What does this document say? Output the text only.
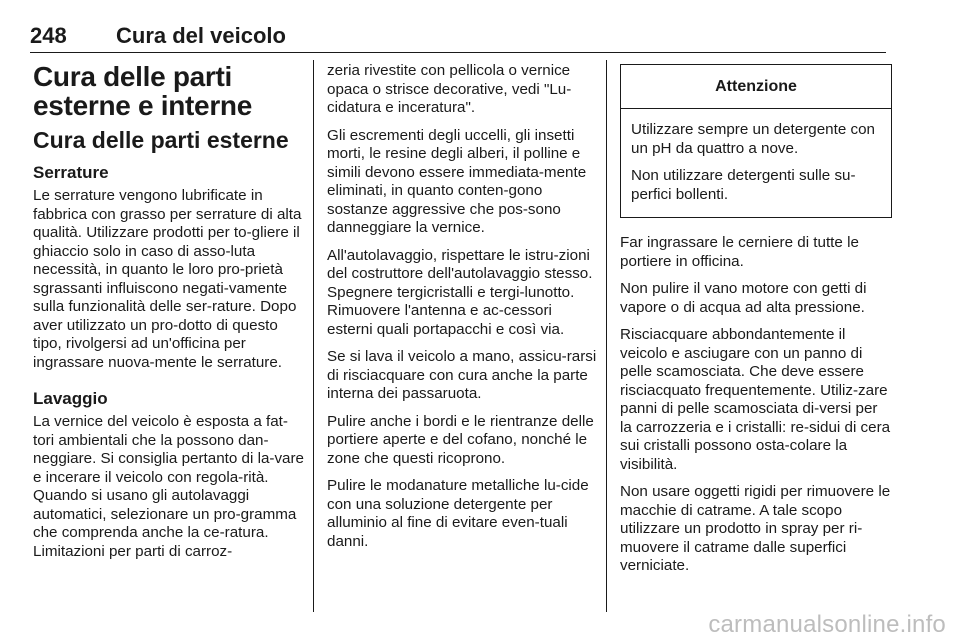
248 Cura del veicolo
Cura delle parti esterne e interne
Cura delle parti esterne
Serrature

Le serrature vengono lubrificate in fabbrica con grasso per serrature di alta qualità. Utilizzare prodotti per to-gliere il ghiaccio solo in caso di asso-luta necessità, in quanto le loro pro-prietà sgrassanti influiscono negati-vamente sulla funzionalità delle ser-rature. Dopo aver utilizzato un pro-dotto di questo tipo, rivolgersi ad un'officina per ingrassare nuova-mente le serrature.

Lavaggio

La vernice del veicolo è esposta a fat-tori ambientali che la possono dan-neggiare. Si consiglia pertanto di la-vare e incerare il veicolo con regola-rità. Quando si usano gli autolavaggi automatici, selezionare un pro-gramma che comprenda anche la ce-ratura. Limitazioni per parti di carroz-

zeria rivestite con pellicola o vernice opaca o strisce decorative, vedi "Lu-cidatura e inceratura".

Gli escrementi degli uccelli, gli insetti morti, le resine degli alberi, il polline e simili devono essere immediata-mente eliminati, in quanto conten-gono sostanze aggressive che pos-sono danneggiare la vernice.

All'autolavaggio, rispettare le istru-zioni del costruttore dell'autolavaggio stesso. Spegnere tergicristalli e tergi-lunotto. Rimuovere l'antenna e ac-cessori esterni quali portapacchi e così via.

Se si lava il veicolo a mano, assicu-rarsi di risciacquare con cura anche la parte interna dei passaruota.

Pulire anche i bordi e le rientranze delle portiere aperte e del cofano, nonché le zone che questi ricoprono.

Pulire le modanature metalliche lu-cide con una soluzione detergente per alluminio al fine di evitare even-tuali danni.

Attenzione

Utilizzare sempre un detergente con un pH da quattro a nove.

Non utilizzare detergenti sulle su-perfici bollenti.

Far ingrassare le cerniere di tutte le portiere in officina.

Non pulire il vano motore con getti di vapore o di acqua ad alta pressione.

Risciacquare abbondantemente il veicolo e asciugare con un panno di pelle scamosciata. Che deve essere risciacquato frequentemente. Utiliz-zare panni di pelle scamosciata di-versi per la carrozzeria e i cristalli: re-sidui di cera sui cristalli possono osta-colare la visibilità.

Non usare oggetti rigidi per rimuovere le macchie di catrame. A tale scopo utilizzare un prodotto in spray per ri-muovere il catrame dalle superfici verniciate.

carmanualsonline.info
